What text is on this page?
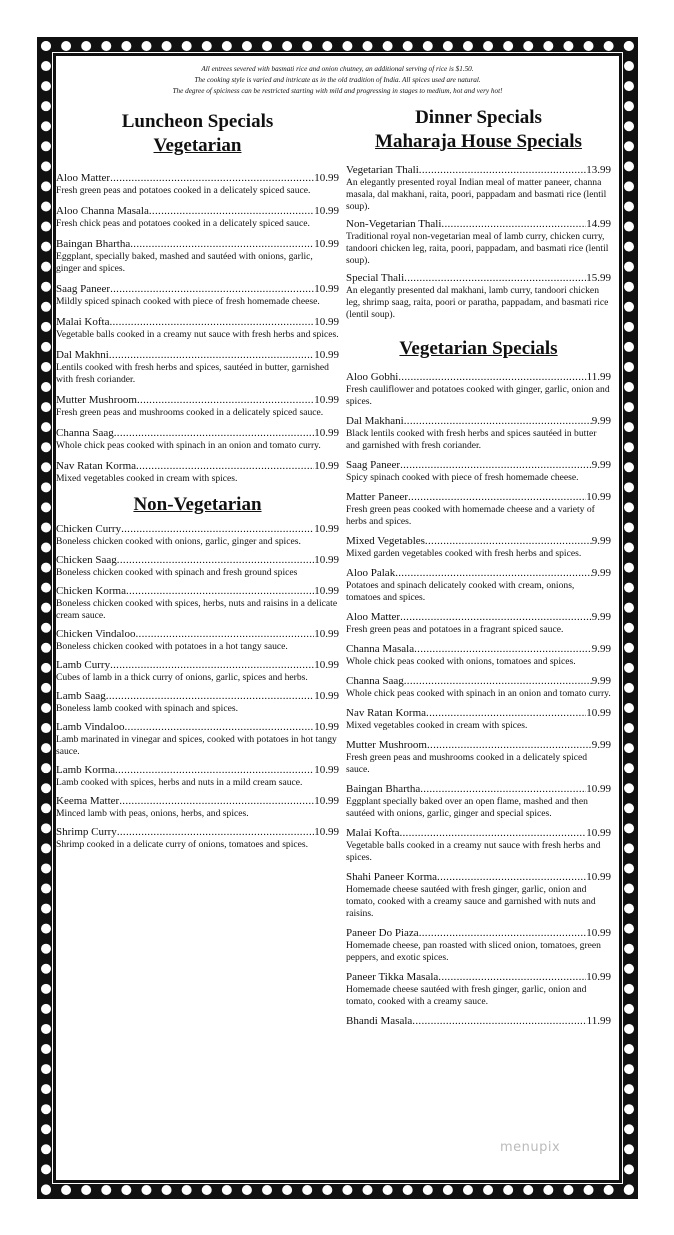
All entrees severed with basmati rice and onion chutney, an additional serving of rice is $1.50.
The cooking style is varied and intricate as in the old tradition of India. All spices used are natural.
The degree of spiciness can be restricted starting with mild and progressing in stages to medium, hot and very hot!
Luncheon Specials
Vegetarian
Aloo Matter .....	10.99
Fresh green peas and potatoes cooked in a delicately spiced sauce.
Aloo Channa Masala .....	10.99
Fresh chick peas and potatoes cooked in a delicately spiced sauce.
Baingan Bhartha .....	10.99
Eggplant, specially baked, mashed and sautéed with onions, garlic, ginger and spices.
Saag Paneer .....	10.99
Mildly spiced spinach cooked with piece of fresh homemade cheese.
Malai Kofta .....	10.99
Vegetable balls cooked in a creamy nut sauce with fresh herbs and spices.
Dal Makhni .....	10.99
Lentils cooked with fresh herbs and spices, sautéed in butter, garnished with fresh coriander.
Mutter Mushroom .....	10.99
Fresh green peas and mushrooms cooked in a delicately spiced sauce.
Channa Saag .....	10.99
Whole chick peas cooked with spinach in an onion and tomato curry.
Nav Ratan Korma .....	10.99
Mixed vegetables cooked in cream with spices.
Non-Vegetarian
Chicken Curry .....	10.99
Boneless chicken cooked with onions, garlic, ginger and spices.
Chicken Saag .....	10.99
Boneless chicken cooked with spinach and fresh ground spices
Chicken Korma .....	10.99
Boneless chicken cooked with spices, herbs, nuts and raisins in a delicate cream sauce.
Chicken Vindaloo .....	10.99
Boneless chicken cooked with potatoes in a hot tangy sauce.
Lamb Curry .....	10.99
Cubes of lamb in a thick curry of onions, garlic, spices and herbs.
Lamb Saag .....	10.99
Boneless lamb cooked with spinach and spices.
Lamb Vindaloo .....	10.99
Lamb marinated in vinegar and spices, cooked with potatoes in hot tangy sauce.
Lamb Korma .....	10.99
Lamb cooked with spices, herbs and nuts in a mild cream sauce.
Keema Matter .....	10.99
Minced lamb with peas, onions, herbs, and spices.
Shrimp Curry .....	10.99
Shrimp cooked in a delicate curry of onions, tomatoes and spices.
Dinner Specials
Maharaja House Specials
Vegetarian Thali .....	13.99
An elegantly presented royal Indian meal of matter paneer, channa masala, dal makhani, raita, poori, pappadam and basmati rice (lentil soup).
Non-Vegetarian Thali .....	14.99
Traditional royal non-vegetarian meal of lamb curry, chicken curry, tandoori chicken leg, raita, poori, pappadam, and basmati rice (lentil soup).
Special Thali .....	15.99
An elegantly presented dal makhani, lamb curry, tandoori chicken leg, shrimp saag, raita, poori or paratha, pappadam, and basmati rice (lentil soup).
Vegetarian Specials
Aloo Gobhi .....	11.99
Fresh cauliflower and potatoes cooked with ginger, garlic, onion and spices.
Dal Makhani .....	9.99
Black lentils cooked with fresh herbs and spices sautéed in butter and garnished with fresh coriander.
Saag Paneer .....	9.99
Spicy spinach cooked with piece of fresh homemade cheese.
Matter Paneer .....	10.99
Fresh green peas cooked with homemade cheese and a variety of herbs and spices.
Mixed Vegetables .....	9.99
Mixed garden vegetables cooked with fresh herbs and spices.
Aloo Palak .....	9.99
Potatoes and spinach delicately cooked with cream, onions, tomatoes and spices.
Aloo Matter .....	9.99
Fresh green peas and potatoes in a fragrant spiced sauce.
Channa Masala .....	9.99
Whole chick peas cooked with onions, tomatoes and spices.
Channa Saag .....	9.99
Whole chick peas cooked with spinach in an onion and tomato curry.
Nav Ratan Korma .....	10.99
Mixed vegetables cooked in cream with spices.
Mutter Mushroom .....	9.99
Fresh green peas and mushrooms cooked in a delicately spiced sauce.
Baingan Bhartha .....	10.99
Eggplant specially baked over an open flame, mashed and then sautéed with onions, garlic, ginger and special spices.
Malai Kofta .....	10.99
Vegetable balls cooked in a creamy nut sauce with fresh herbs and spices.
Shahi Paneer Korma .....	10.99
Homemade cheese sautéed with fresh ginger, garlic, onion and tomato, cooked with a creamy sauce and garnished with nuts and raisins.
Paneer Do Piaza .....	10.99
Homemade cheese, pan roasted with sliced onion, tomatoes, green peppers, and exotic spices.
Paneer Tikka Masala .....	10.99
Homemade cheese sautéed with fresh ginger, garlic, onion and tomato, cooked with a creamy sauce.
Bhandi Masala .....	11.99
menupix
